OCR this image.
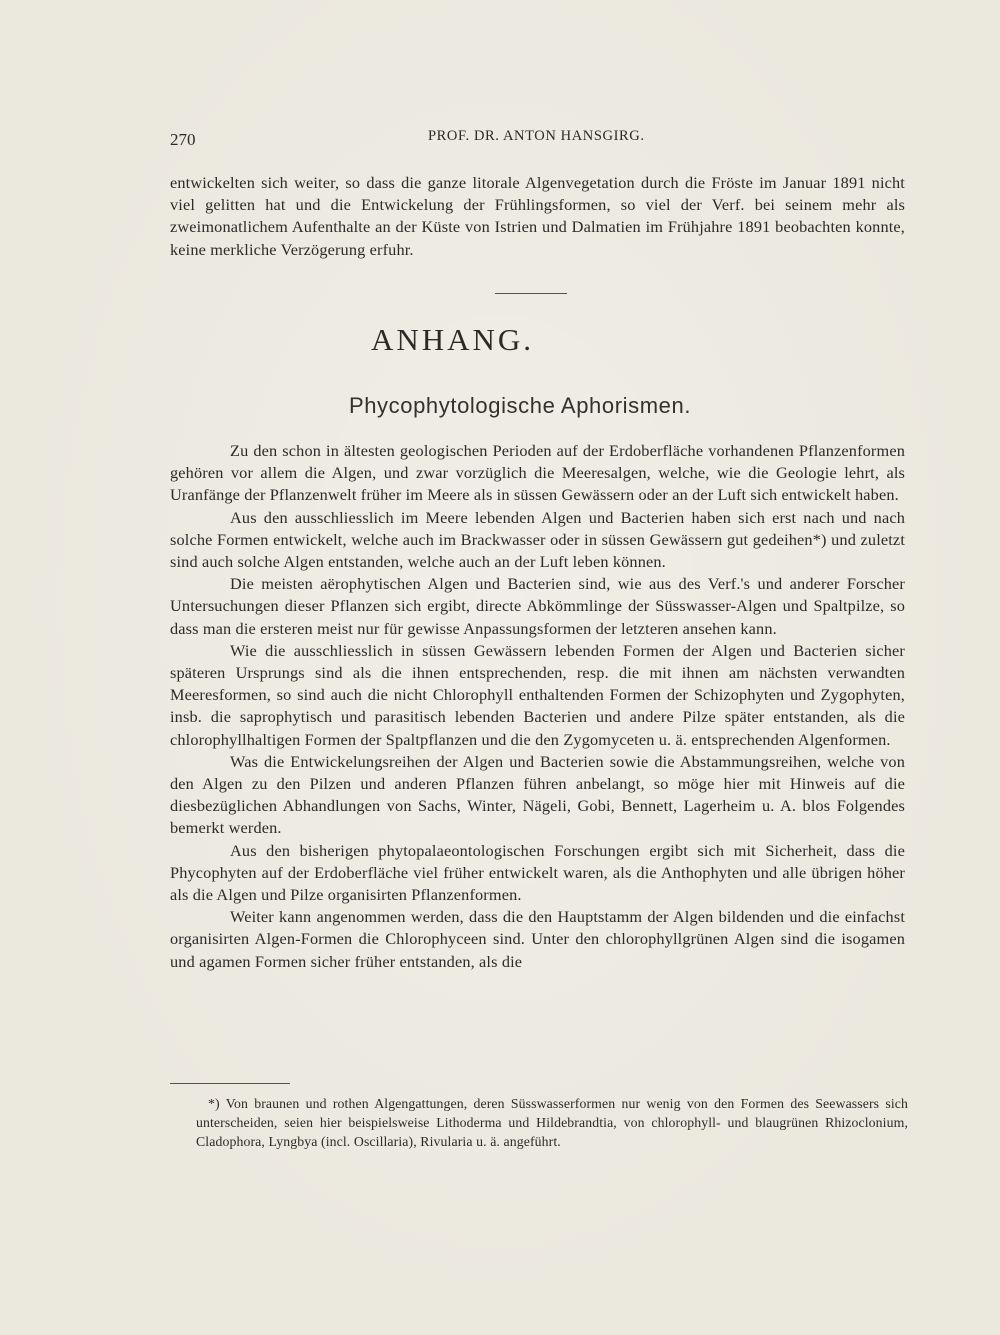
270	PROF. DR. ANTON HANSGIRG.

entwickelten sich weiter, so dass die ganze litorale Algenvegetation durch die Fröste im Januar 1891 nicht viel gelitten hat und die Entwickelung der Frühlingsformen, so viel der Verf. bei seinem mehr als zweimonatlichem Aufenthalte an der Küste von Istrien und Dalmatien im Frühjahre 1891 beobachten konnte, keine merkliche Verzögerung erfuhr.

ANHANG.
Phycophytologische Aphorismen.

Zu den schon in ältesten geologischen Perioden auf der Erdoberfläche vorhandenen Pflanzenformen gehören vor allem die Algen, und zwar vorzüglich die Meeresalgen, welche, wie die Geologie lehrt, als Uranfänge der Pflanzenwelt früher im Meere als in süssen Gewässern oder an der Luft sich entwickelt haben.

Aus den ausschliesslich im Meere lebenden Algen und Bacterien haben sich erst nach und nach solche Formen entwickelt, welche auch im Brackwasser oder in süssen Gewässern gut gedeihen*) und zuletzt sind auch solche Algen entstanden, welche auch an der Luft leben können.

Die meisten aërophytischen Algen und Bacterien sind, wie aus des Verf.'s und anderer Forscher Untersuchungen dieser Pflanzen sich ergibt, directe Abkömmlinge der Süsswasser-Algen und Spaltpilze, so dass man die ersteren meist nur für gewisse Anpassungsformen der letzteren ansehen kann.

Wie die ausschliesslich in süssen Gewässern lebenden Formen der Algen und Bacterien sicher späteren Ursprungs sind als die ihnen entsprechenden, resp. die mit ihnen am nächsten verwandten Meeresformen, so sind auch die nicht Chlorophyll enthaltenden Formen der Schizophyten und Zygophyten, insb. die saprophytisch und parasitisch lebenden Bacterien und andere Pilze später entstanden, als die chlorophyllhaltigen Formen der Spaltpflanzen und die den Zygomyceten u. ä. entsprechenden Algenformen.

Was die Entwickelungsreihen der Algen und Bacterien sowie die Abstammungsreihen, welche von den Algen zu den Pilzen und anderen Pflanzen führen anbelangt, so möge hier mit Hinweis auf die diesbezüglichen Abhandlungen von Sachs, Winter, Nägeli, Gobi, Bennett, Lagerheim u. A. blos Folgendes bemerkt werden.

Aus den bisherigen phytopalaeontologischen Forschungen ergibt sich mit Sicherheit, dass die Phycophyten auf der Erdoberfläche viel früher entwickelt waren, als die Anthophyten und alle übrigen höher als die Algen und Pilze organisirten Pflanzenformen.

Weiter kann angenommen werden, dass die den Hauptstamm der Algen bildenden und die einfachst organisirten Algen-Formen die Chlorophyceen sind. Unter den chlorophyllgrünen Algen sind die isogamen und agamen Formen sicher früher entstanden, als die

*) Von braunen und rothen Algengattungen, deren Süsswasserformen nur wenig von den Formen des Seewassers sich unterscheiden, seien hier beispielsweise Lithoderma und Hildebrandtia, von chlorophyll- und blaugrünen Rhizoclonium, Cladophora, Lyngbya (incl. Oscillaria), Rivularia u. ä. angeführt.
